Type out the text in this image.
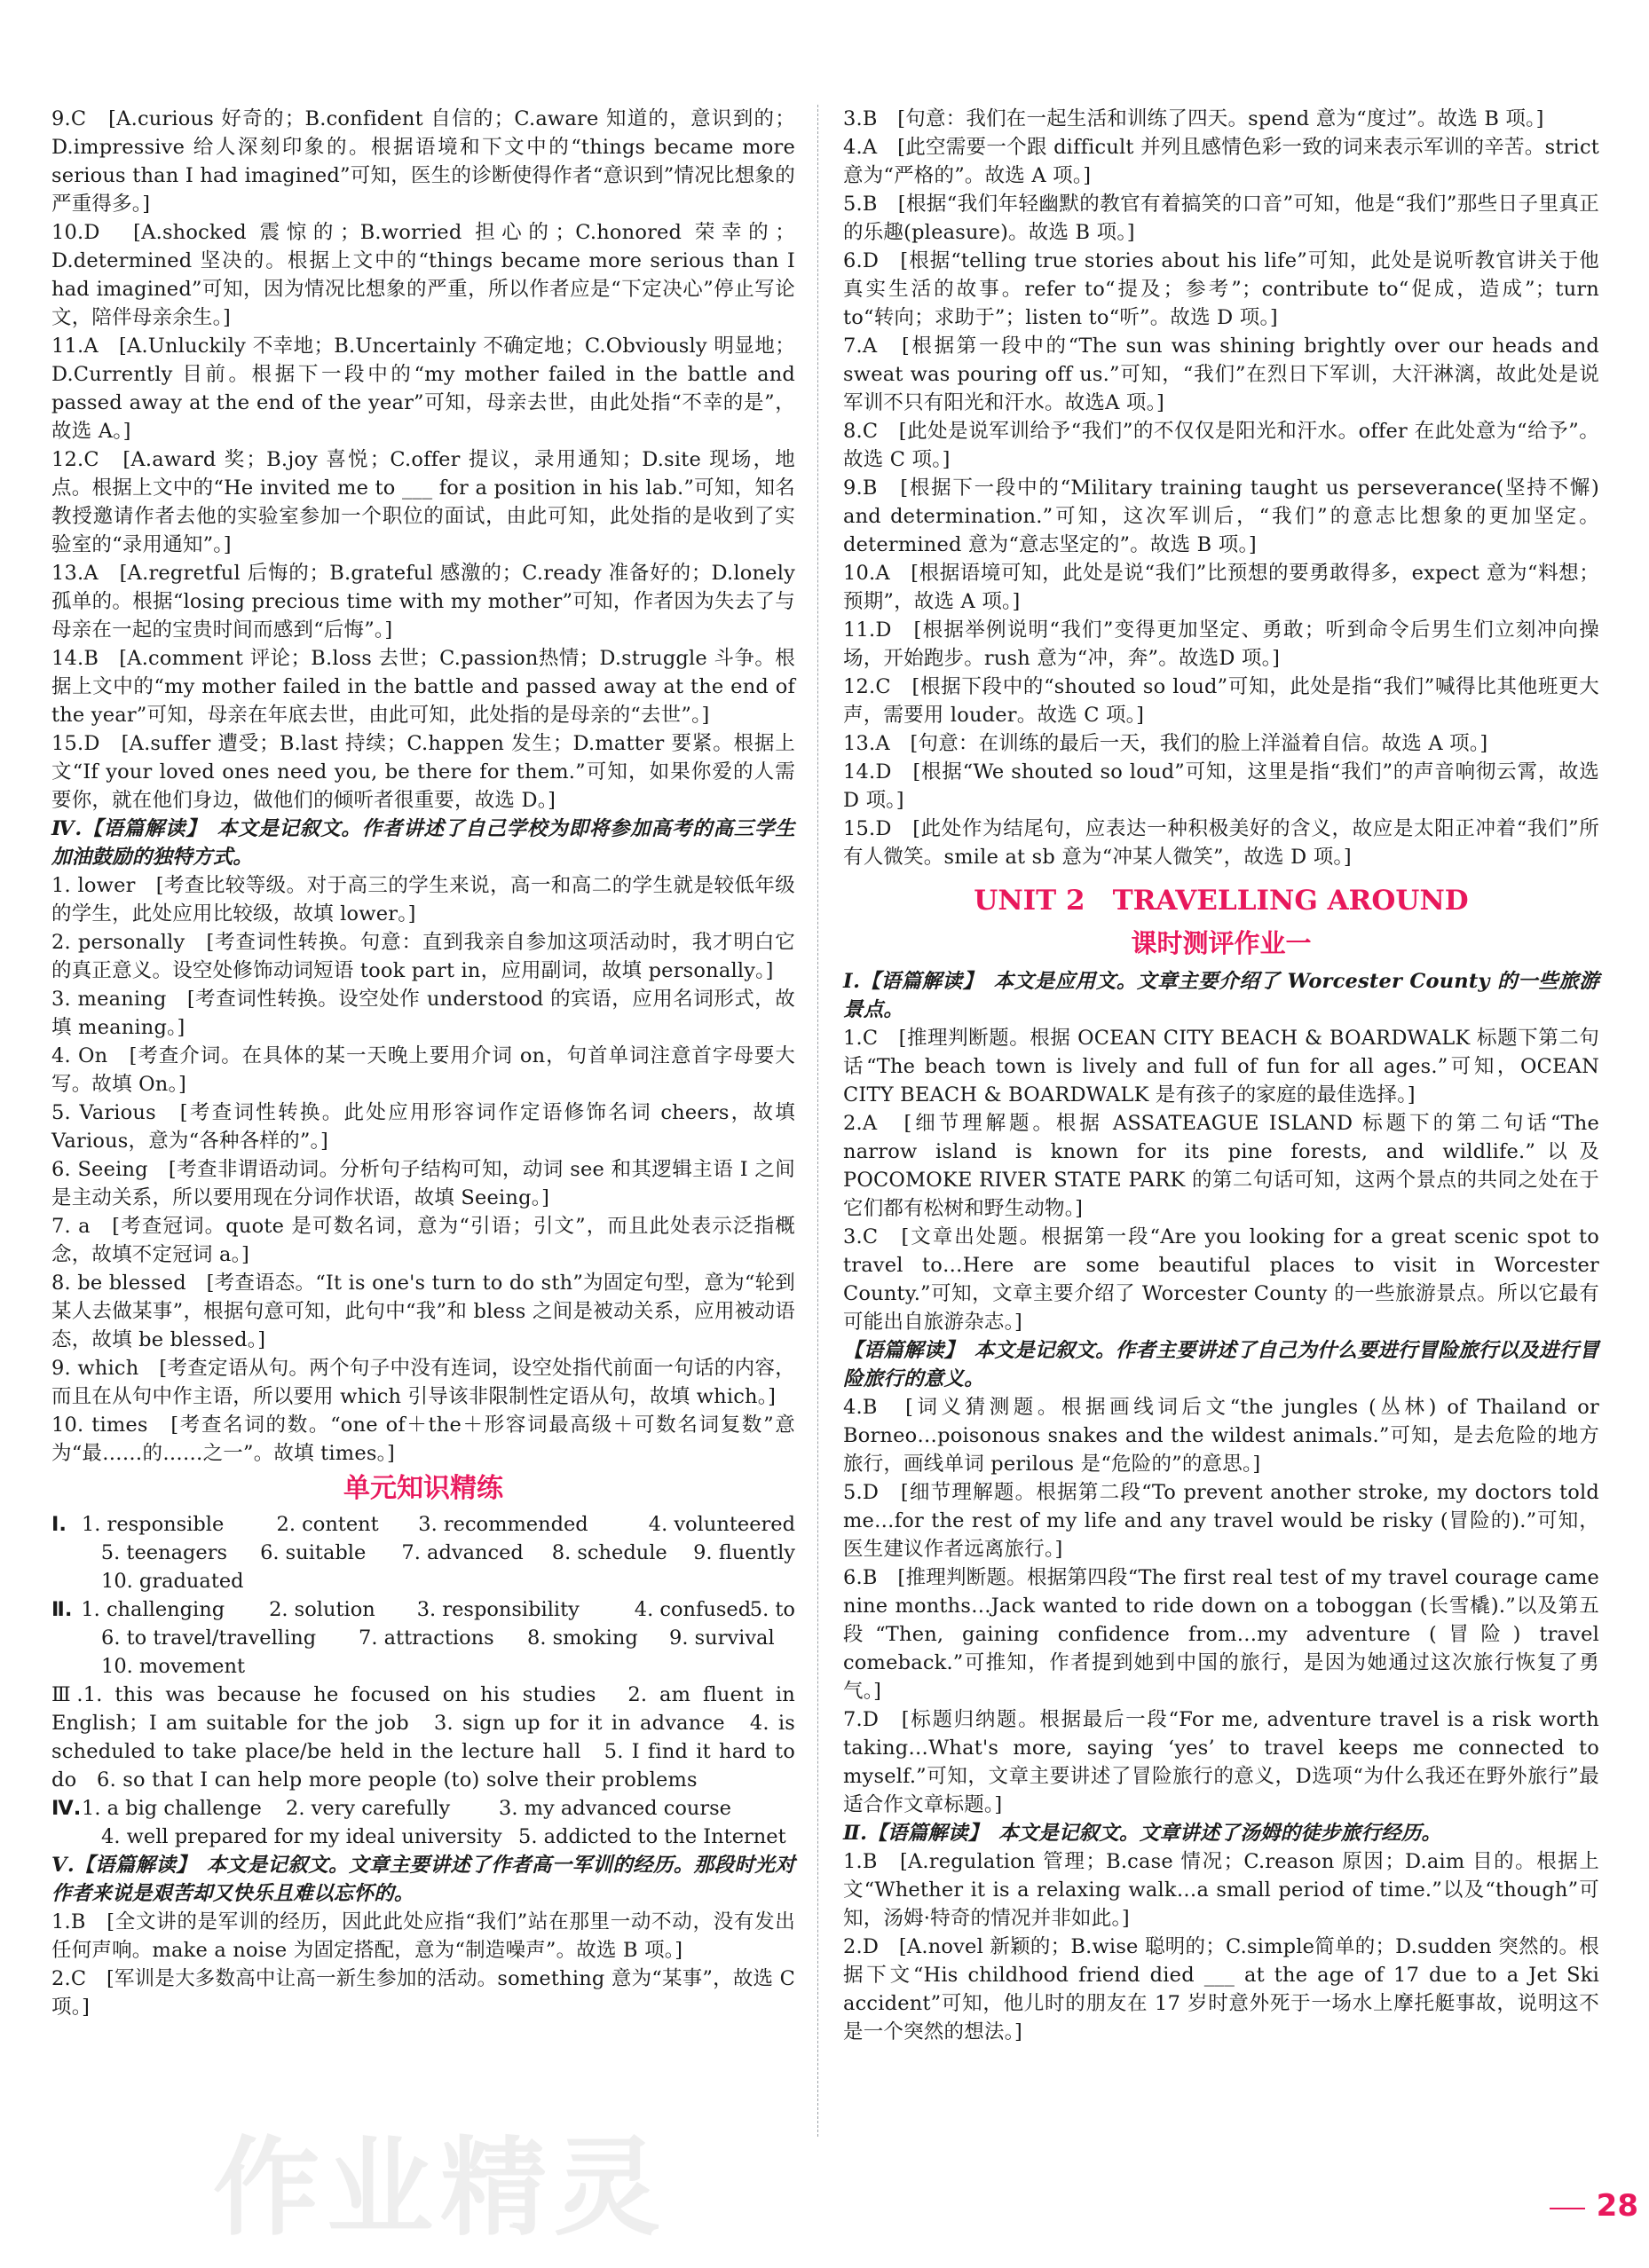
9.C　[A.curious 好奇的；B.confident 自信的；C.aware 知道的，意识到的；D.impressive 给人深刻印象的。根据语境和下文中的“things became more serious than I had imagined”可知，医生的诊断使得作者“意识到”情况比想象的严重得多。]

10.D　[A.shocked 震惊的；B.worried 担心的；C.honored 荣幸的；D.determined 坚决的。根据上文中的“things became more serious than I had imagined”可知，因为情况比想象的严重，所以作者应是“下定决心”停止写论文，陪伴母亲余生。]

11.A　[A.Unluckily 不幸地；B.Uncertainly 不确定地；C.Obviously 明显地；D.Currently 目前。根据下一段中的“my mother failed in the battle and passed away at the end of the year”可知，母亲去世，由此处指“不幸的是”，故选 A。]

12.C　[A.award 奖；B.joy 喜悦；C.offer 提议，录用通知；D.site 现场，地点。根据上文中的“He invited me to ___ for a position in his lab.”可知，知名教授邀请作者去他的实验室参加一个职位的面试，由此可知，此处指的是收到了实验室的“录用通知”。]

13.A　[A.regretful 后悔的；B.grateful 感激的；C.ready 准备好的；D.lonely孤单的。根据“losing precious time with my mother”可知，作者因为失去了与母亲在一起的宝贵时间而感到“后悔”。]

14.B　[A.comment 评论；B.loss 去世；C.passion热情；D.struggle 斗争。根据上文中的“my mother failed in the battle and passed away at the end of the year”可知，母亲在年底去世，由此可知，此处指的是母亲的“去世”。]

15.D　[A.suffer 遭受；B.last 持续；C.happen 发生；D.matter 要紧。根据上文“If your loved ones need you, be there for them.”可知，如果你爱的人需要你，就在他们身边，做他们的倾听者很重要，故选 D。]

Ⅳ.【语篇解读】　本文是记叙文。作者讲述了自己学校为即将参加高考的高三学生加油鼓励的独特方式。

1. lower　[考查比较等级。对于高三的学生来说，高一和高二的学生就是较低年级的学生，此处应用比较级，故填 lower。]

2. personally　[考查词性转换。句意：直到我亲自参加这项活动时，我才明白它的真正意义。设空处修饰动词短语 took part in，应用副词，故填 personally。]

3. meaning　[考查词性转换。设空处作 understood 的宾语，应用名词形式，故填 meaning。]

4. On　[考查介词。在具体的某一天晚上要用介词 on，句首单词注意首字母要大写。故填 On。]

5. Various　[考查词性转换。此处应用形容词作定语修饰名词 cheers，故填 Various，意为“各种各样的”。]

6. Seeing　[考查非谓语动词。分析句子结构可知，动词 see 和其逻辑主语 I 之间是主动关系，所以要用现在分词作状语，故填 Seeing。]

7. a　[考查冠词。quote 是可数名词，意为“引语；引文”，而且此处表示泛指概念，故填不定冠词 a。]

8. be blessed　[考查语态。“It is one's turn to do sth”为固定句型，意为“轮到某人去做某事”，根据句意可知，此句中“我”和 bless 之间是被动关系，应用被动语态，故填 be blessed。]

9. which　[考查定语从句。两个句子中没有连词，设空处指代前面一句话的内容，而且在从句中作主语，所以要用 which 引导该非限制性定语从句，故填 which。]

10. times　[考查名词的数。“one of＋the＋形容词最高级＋可数名词复数”意为“最……的……之一”。故填 times。]

单元知识精练

Ⅰ. 1. responsible	2. content	3. recommended	4. volunteered
5. teenagers	6. suitable	7. advanced	8. schedule	9. fluently
10. graduated
Ⅱ. 1. challenging	2. solution	3. responsibility	4. confused
5. to
6. to travel/travelling	7. attractions	8. smoking	9. survival
10. movement

Ⅲ.1. this was because he focused on his studies　2. am fluent in English；I am suitable for the job　3. sign up for it in advance　4. is scheduled to take place/be held in the lecture hall　5. I find it hard to do　6. so that I can help more people (to) solve their problems

Ⅳ. 1. a big challenge	2. very carefully	3. my advanced course
4. well prepared for my ideal university 5. addicted to the Internet

Ⅴ.【语篇解读】　本文是记叙文。文章主要讲述了作者高一军训的经历。那段时光对作者来说是艰苦却又快乐且难以忘怀的。

1.B　[全文讲的是军训的经历，因此此处应指“我们”站在那里一动不动，没有发出任何声响。make a noise 为固定搭配，意为“制造噪声”。故选 B 项。]

2.C　[军训是大多数高中让高一新生参加的活动。something 意为“某事”，故选 C 项。]

3.B　[句意：我们在一起生活和训练了四天。spend 意为“度过”。故选 B 项。]

4.A　[此空需要一个跟 difficult 并列且感情色彩一致的词来表示军训的辛苦。strict 意为“严格的”。故选 A 项。]

5.B　[根据“我们年轻幽默的教官有着搞笑的口音”可知，他是“我们”那些日子里真正的乐趣(pleasure)。故选 B 项。]

6.D　[根据“telling true stories about his life”可知，此处是说听教官讲关于他真实生活的故事。refer to“提及；参考”；contribute to“促成，造成”；turn to“转向；求助于”；listen to“听”。故选 D 项。]

7.A　[根据第一段中的“The sun was shining brightly over our heads and sweat was pouring off us.”可知，“我们”在烈日下军训，大汗淋漓，故此处是说军训不只有阳光和汗水。故选A 项。]

8.C　[此处是说军训给予“我们”的不仅仅是阳光和汗水。offer 在此处意为“给予”。故选 C 项。]

9.B　[根据下一段中的“Military training taught us perseverance(坚持不懈) and determination.”可知，这次军训后，“我们”的意志比想象的更加坚定。determined 意为“意志坚定的”。故选 B 项。]

10.A　[根据语境可知，此处是说“我们”比预想的要勇敢得多，expect 意为“料想；预期”，故选 A 项。]

11.D　[根据举例说明“我们”变得更加坚定、勇敢；听到命令后男生们立刻冲向操场，开始跑步。rush 意为“冲，奔”。故选D 项。]

12.C　[根据下段中的“shouted so loud”可知，此处是指“我们”喊得比其他班更大声，需要用 louder。故选 C 项。]

13.A　[句意：在训练的最后一天，我们的脸上洋溢着自信。故选 A 项。]

14.D　[根据“We shouted so loud”可知，这里是指“我们”的声音响彻云霄，故选 D 项。]

15.D　[此处作为结尾句，应表达一种积极美好的含义，故应是太阳正冲着“我们”所有人微笑。smile at sb 意为“冲某人微笑”，故选 D 项。]

UNIT 2　TRAVELLING AROUND

课时测评作业一

Ⅰ.【语篇解读】　本文是应用文。文章主要介绍了 Worcester County 的一些旅游景点。

1.C　[推理判断题。根据 OCEAN CITY BEACH & BOARDWALK 标题下第二句话“The beach town is lively and full of fun for all ages.”可知，OCEAN CITY BEACH & BOARDWALK 是有孩子的家庭的最佳选择。]

2.A　[细节理解题。根据 ASSATEAGUE ISLAND 标题下的第二句话“The narrow island is known for its pine forests, and wildlife.”以及 POCOMOKE RIVER STATE PARK 的第二句话可知，这两个景点的共同之处在于它们都有松树和野生动物。]

3.C　[文章出处题。根据第一段“Are you looking for a great scenic spot to travel to…Here are some beautiful places to visit in Worcester County.”可知，文章主要介绍了 Worcester County 的一些旅游景点。所以它最有可能出自旅游杂志。]

【语篇解读】　本文是记叙文。作者主要讲述了自己为什么要进行冒险旅行以及进行冒险旅行的意义。

4.B　[词义猜测题。根据画线词后文“the jungles (丛林) of Thailand or Borneo…poisonous snakes and the wildest animals.”可知，是去危险的地方旅行，画线单词 perilous 是“危险的”的意思。]

5.D　[细节理解题。根据第二段“To prevent another stroke, my doctors told me…for the rest of my life and any travel would be risky (冒险的).”可知，医生建议作者远离旅行。]

6.B　[推理判断题。根据第四段“The first real test of my travel courage came nine months…Jack wanted to ride down on a toboggan (长雪橇).”以及第五段“Then, gaining confidence from…my adventure (冒险) travel comeback.”可推知，作者提到她到中国的旅行，是因为她通过这次旅行恢复了勇气。]

7.D　[标题归纳题。根据最后一段“For me, adventure travel is a risk worth taking…What's more, saying ‘yes’ to travel keeps me connected to myself.”可知，文章主要讲述了冒险旅行的意义，D选项“为什么我还在野外旅行”最适合作文章标题。]

Ⅱ.【语篇解读】　本文是记叙文。文章讲述了汤姆的徒步旅行经历。

1.B　[A.regulation 管理；B.case 情况；C.reason 原因；D.aim 目的。根据上文“Whether it is a relaxing walk…a small period of time.”以及“though”可知，汤姆·特奇的情况并非如此。]

2.D　[A.novel 新颖的；B.wise 聪明的；C.simple简单的；D.sudden 突然的。根据下文“His childhood friend died ___ at the age of 17 due to a Jet Ski accident”可知，他儿时的朋友在 17 岁时意外死于一场水上摩托艇事故，说明这不是一个突然的想法。]

作业精灵	28
